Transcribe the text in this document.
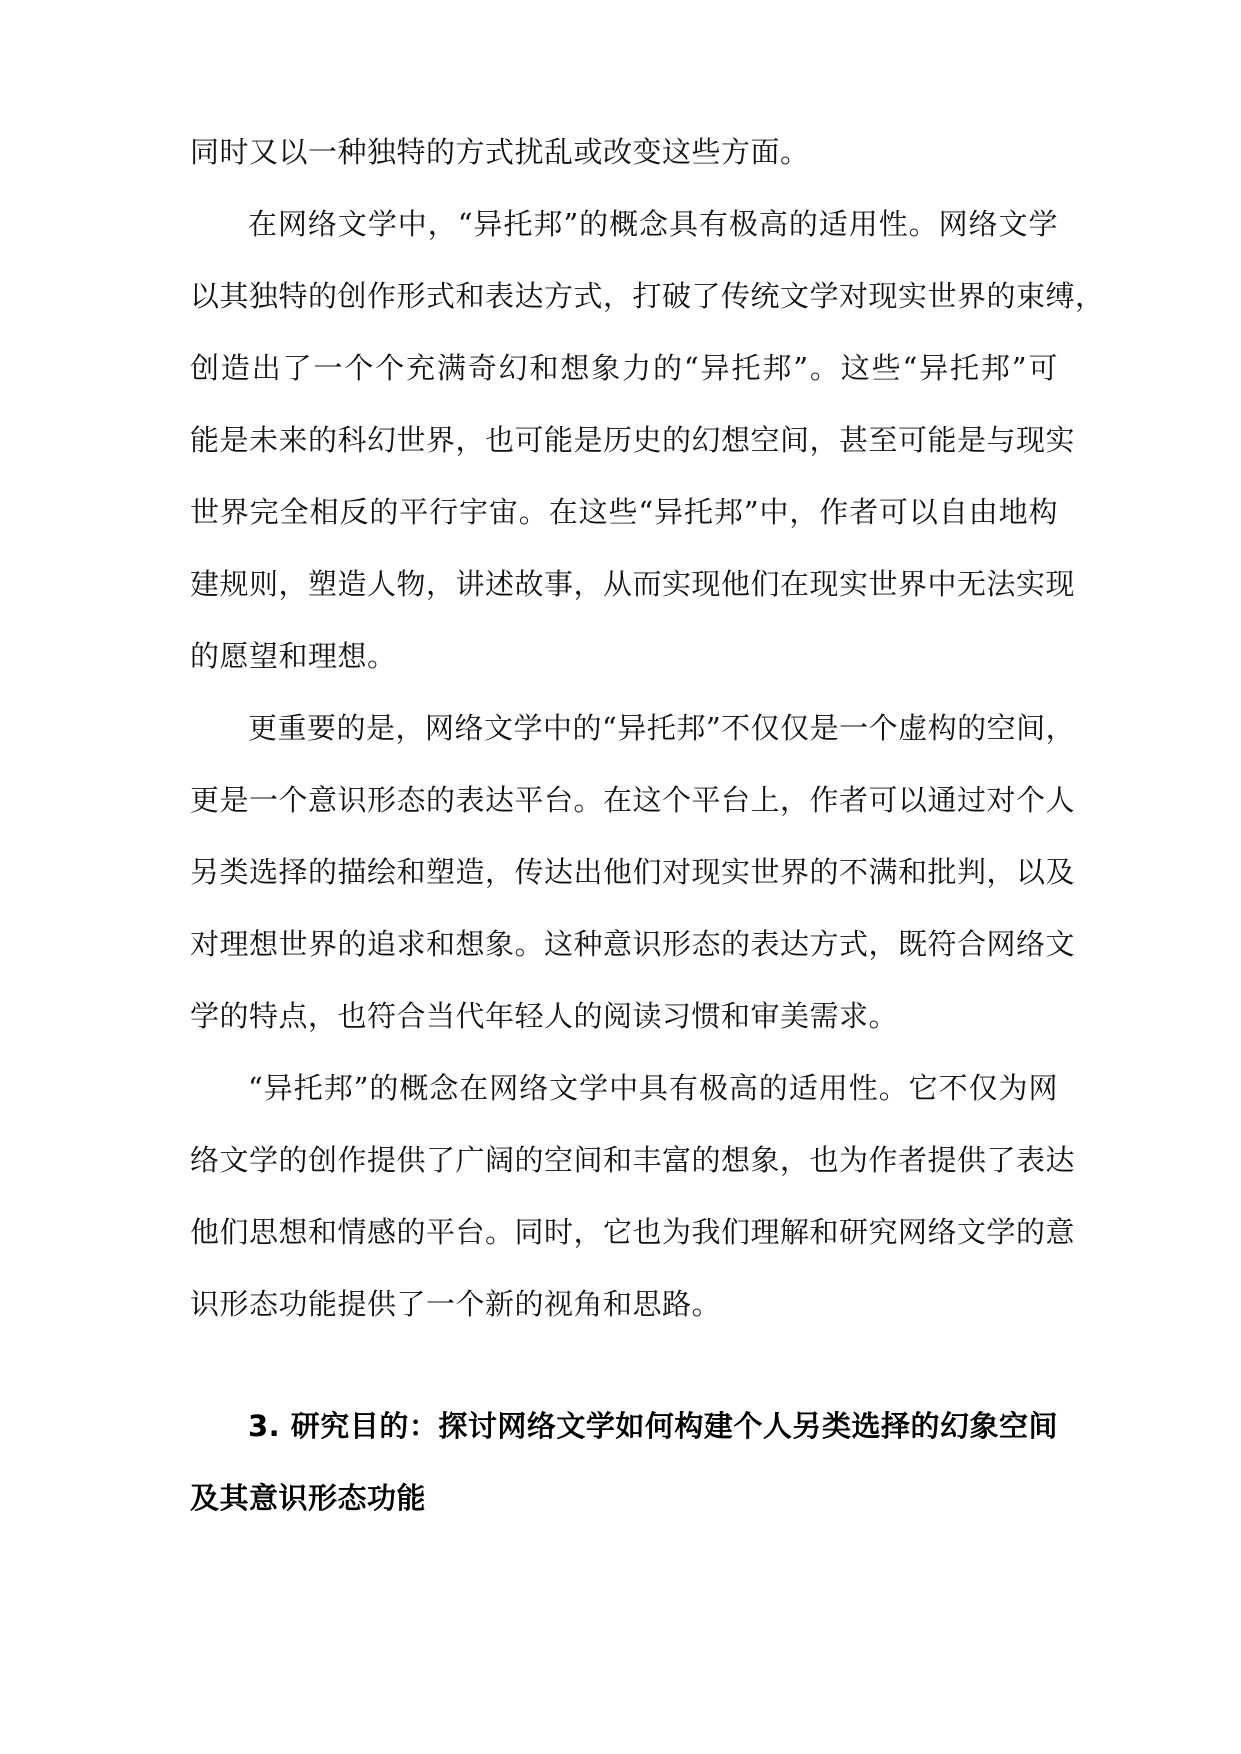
同时又以一种独特的方式扰乱或改变这些方面。
在网络文学中，“异托邦”的概念具有极高的适用性。网络文学
以其独特的创作形式和表达方式，打破了传统文学对现实世界的束缚，
创造出了一个个充满奇幻和想象力的“异托邦”。这些“异托邦”可
能是未来的科幻世界，也可能是历史的幻想空间，甚至可能是与现实
世界完全相反的平行宇宙。在这些“异托邦”中，作者可以自由地构
建规则，塑造人物，讲述故事，从而实现他们在现实世界中无法实现
的愿望和理想。
更重要的是，网络文学中的“异托邦”不仅仅是一个虚构的空间，
更是一个意识形态的表达平台。在这个平台上，作者可以通过对个人
另类选择的描绘和塑造，传达出他们对现实世界的不满和批判，以及
对理想世界的追求和想象。这种意识形态的表达方式，既符合网络文
学的特点，也符合当代年轻人的阅读习惯和审美需求。
“异托邦”的概念在网络文学中具有极高的适用性。它不仅为网
络文学的创作提供了广阔的空间和丰富的想象，也为作者提供了表达
他们思想和情感的平台。同时，它也为我们理解和研究网络文学的意
识形态功能提供了一个新的视角和思路。
3. 研究目的：探讨网络文学如何构建个人另类选择的幻象空间
及其意识形态功能
